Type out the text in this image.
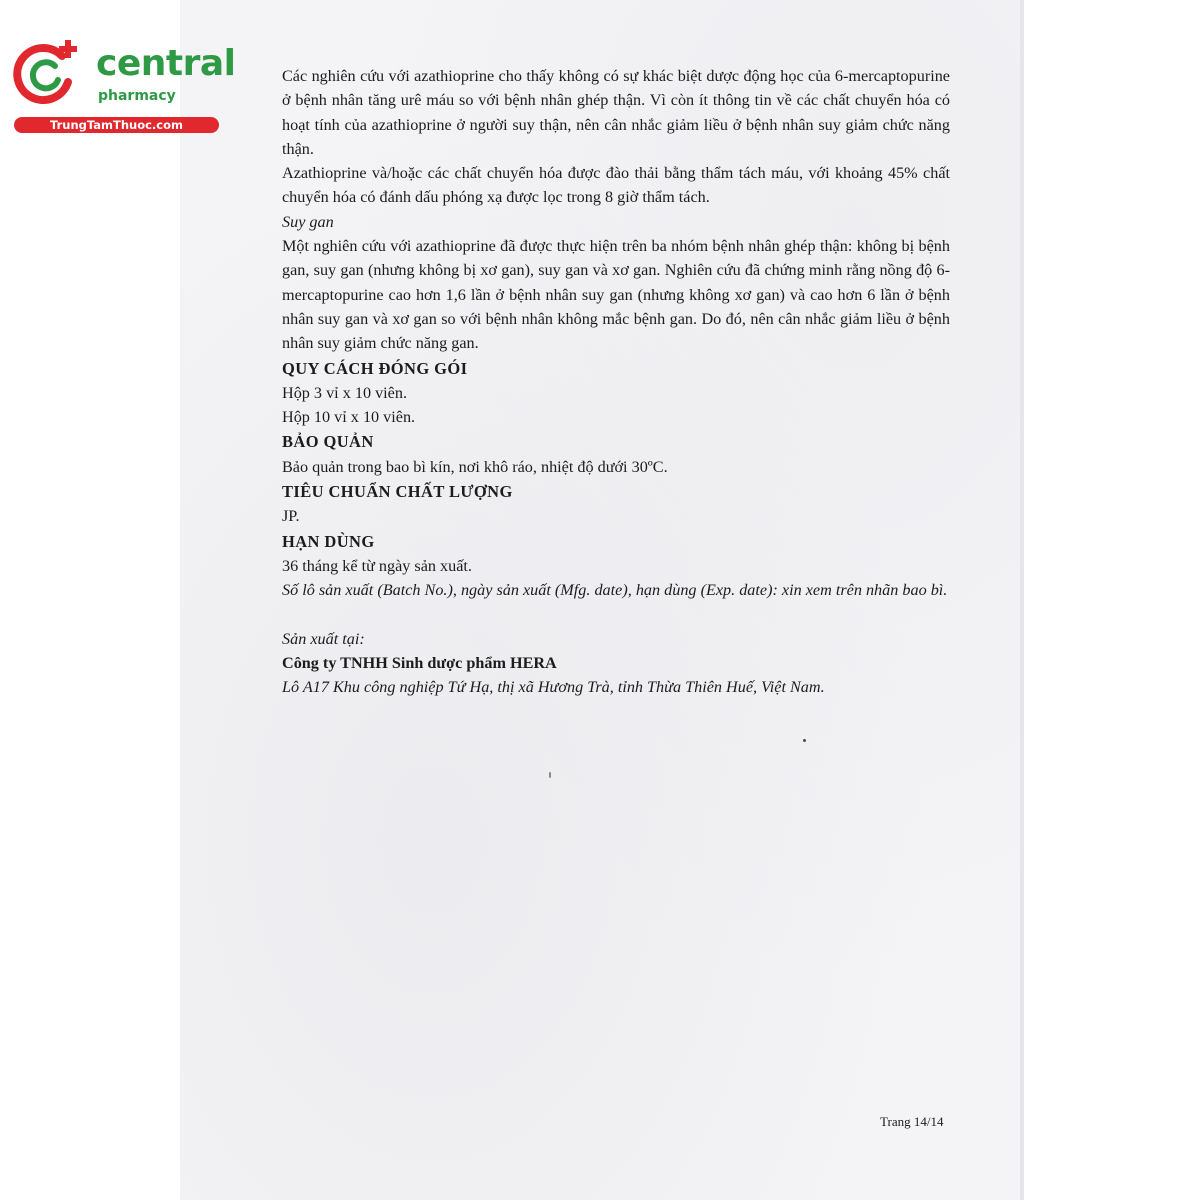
central
pharmacy
TrungTamThuoc.com

Các nghiên cứu với azathioprine cho thấy không có sự khác biệt dược động học của 6-mercaptopurine ở bệnh nhân tăng urê máu so với bệnh nhân ghép thận. Vì còn ít thông tin về các chất chuyển hóa có hoạt tính của azathioprine ở người suy thận, nên cân nhắc giảm liều ở bệnh nhân suy giảm chức năng thận.

Azathioprine và/hoặc các chất chuyển hóa được đào thải bằng thẩm tách máu, với khoảng 45% chất chuyển hóa có đánh dấu phóng xạ được lọc trong 8 giờ thẩm tách.

Suy gan

Một nghiên cứu với azathioprine đã được thực hiện trên ba nhóm bệnh nhân ghép thận: không bị bệnh gan, suy gan (nhưng không bị xơ gan), suy gan và xơ gan. Nghiên cứu đã chứng minh rằng nồng độ 6-mercaptopurine cao hơn 1,6 lần ở bệnh nhân suy gan (nhưng không xơ gan) và cao hơn 6 lần ở bệnh nhân suy gan và xơ gan so với bệnh nhân không mắc bệnh gan. Do đó, nên cân nhắc giảm liều ở bệnh nhân suy giảm chức năng gan.

QUY CÁCH ĐÓNG GÓI

Hộp 3 vỉ x 10 viên.

Hộp 10 vỉ x 10 viên.

BẢO QUẢN

Bảo quản trong bao bì kín, nơi khô ráo, nhiệt độ dưới 30ºC.

TIÊU CHUẨN CHẤT LƯỢNG

JP.

HẠN DÙNG

36 tháng kể từ ngày sản xuất.

Số lô sản xuất (Batch No.), ngày sản xuất (Mfg. date), hạn dùng (Exp. date): xin xem trên nhãn bao bì.

Sản xuất tại:

Công ty TNHH Sinh dược phẩm HERA

Lô A17 Khu công nghiệp Tứ Hạ, thị xã Hương Trà, tỉnh Thừa Thiên Huế, Việt Nam.

Trang 14/14
